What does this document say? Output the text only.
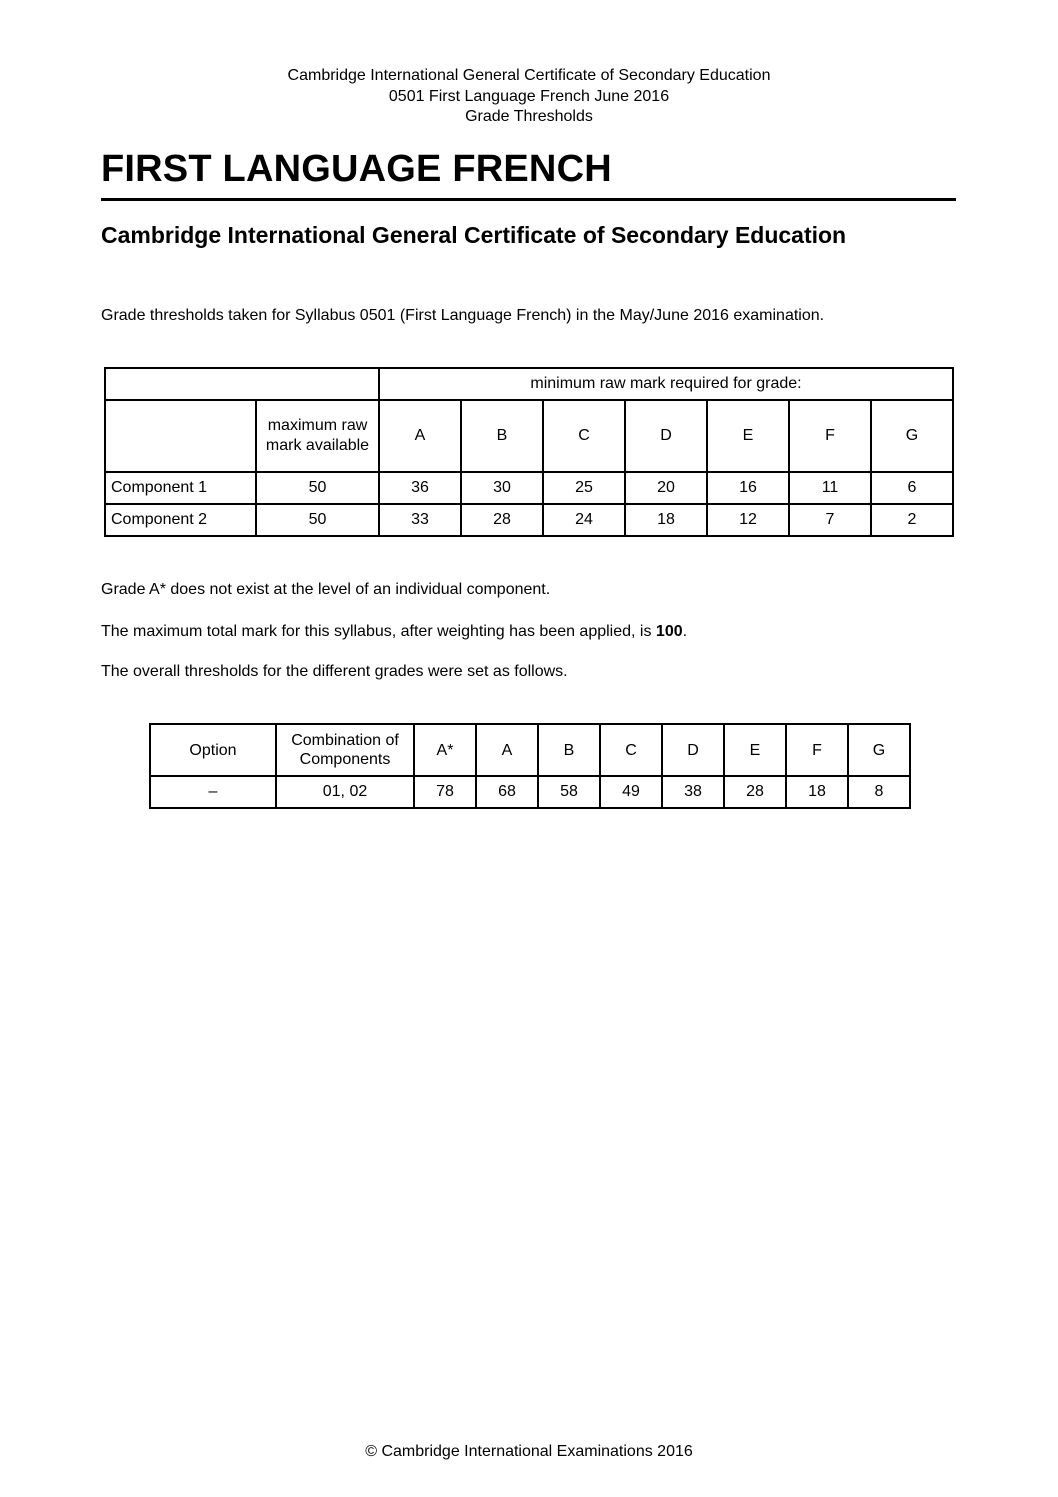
Cambridge International General Certificate of Secondary Education
0501 First Language French June 2016
Grade Thresholds
FIRST LANGUAGE FRENCH
Cambridge International General Certificate of Secondary Education

Grade thresholds taken for Syllabus 0501 (First Language French) in the May/June 2016 examination.

		minimum raw mark required for grade:						
	maximum raw mark available	A	B	C	D	E	F	G
Component 1	50	36	30	25	20	16	11	6
Component 2	50	33	28	24	18	12	7	2

Grade A* does not exist at the level of an individual component.

The maximum total mark for this syllabus, after weighting has been applied, is 100.

The overall thresholds for the different grades were set as follows.

Option	Combination of Components	A*	A	B	C	D	E	F	G
–	01, 02	78	68	58	49	38	28	18	8
© Cambridge International Examinations 2016
